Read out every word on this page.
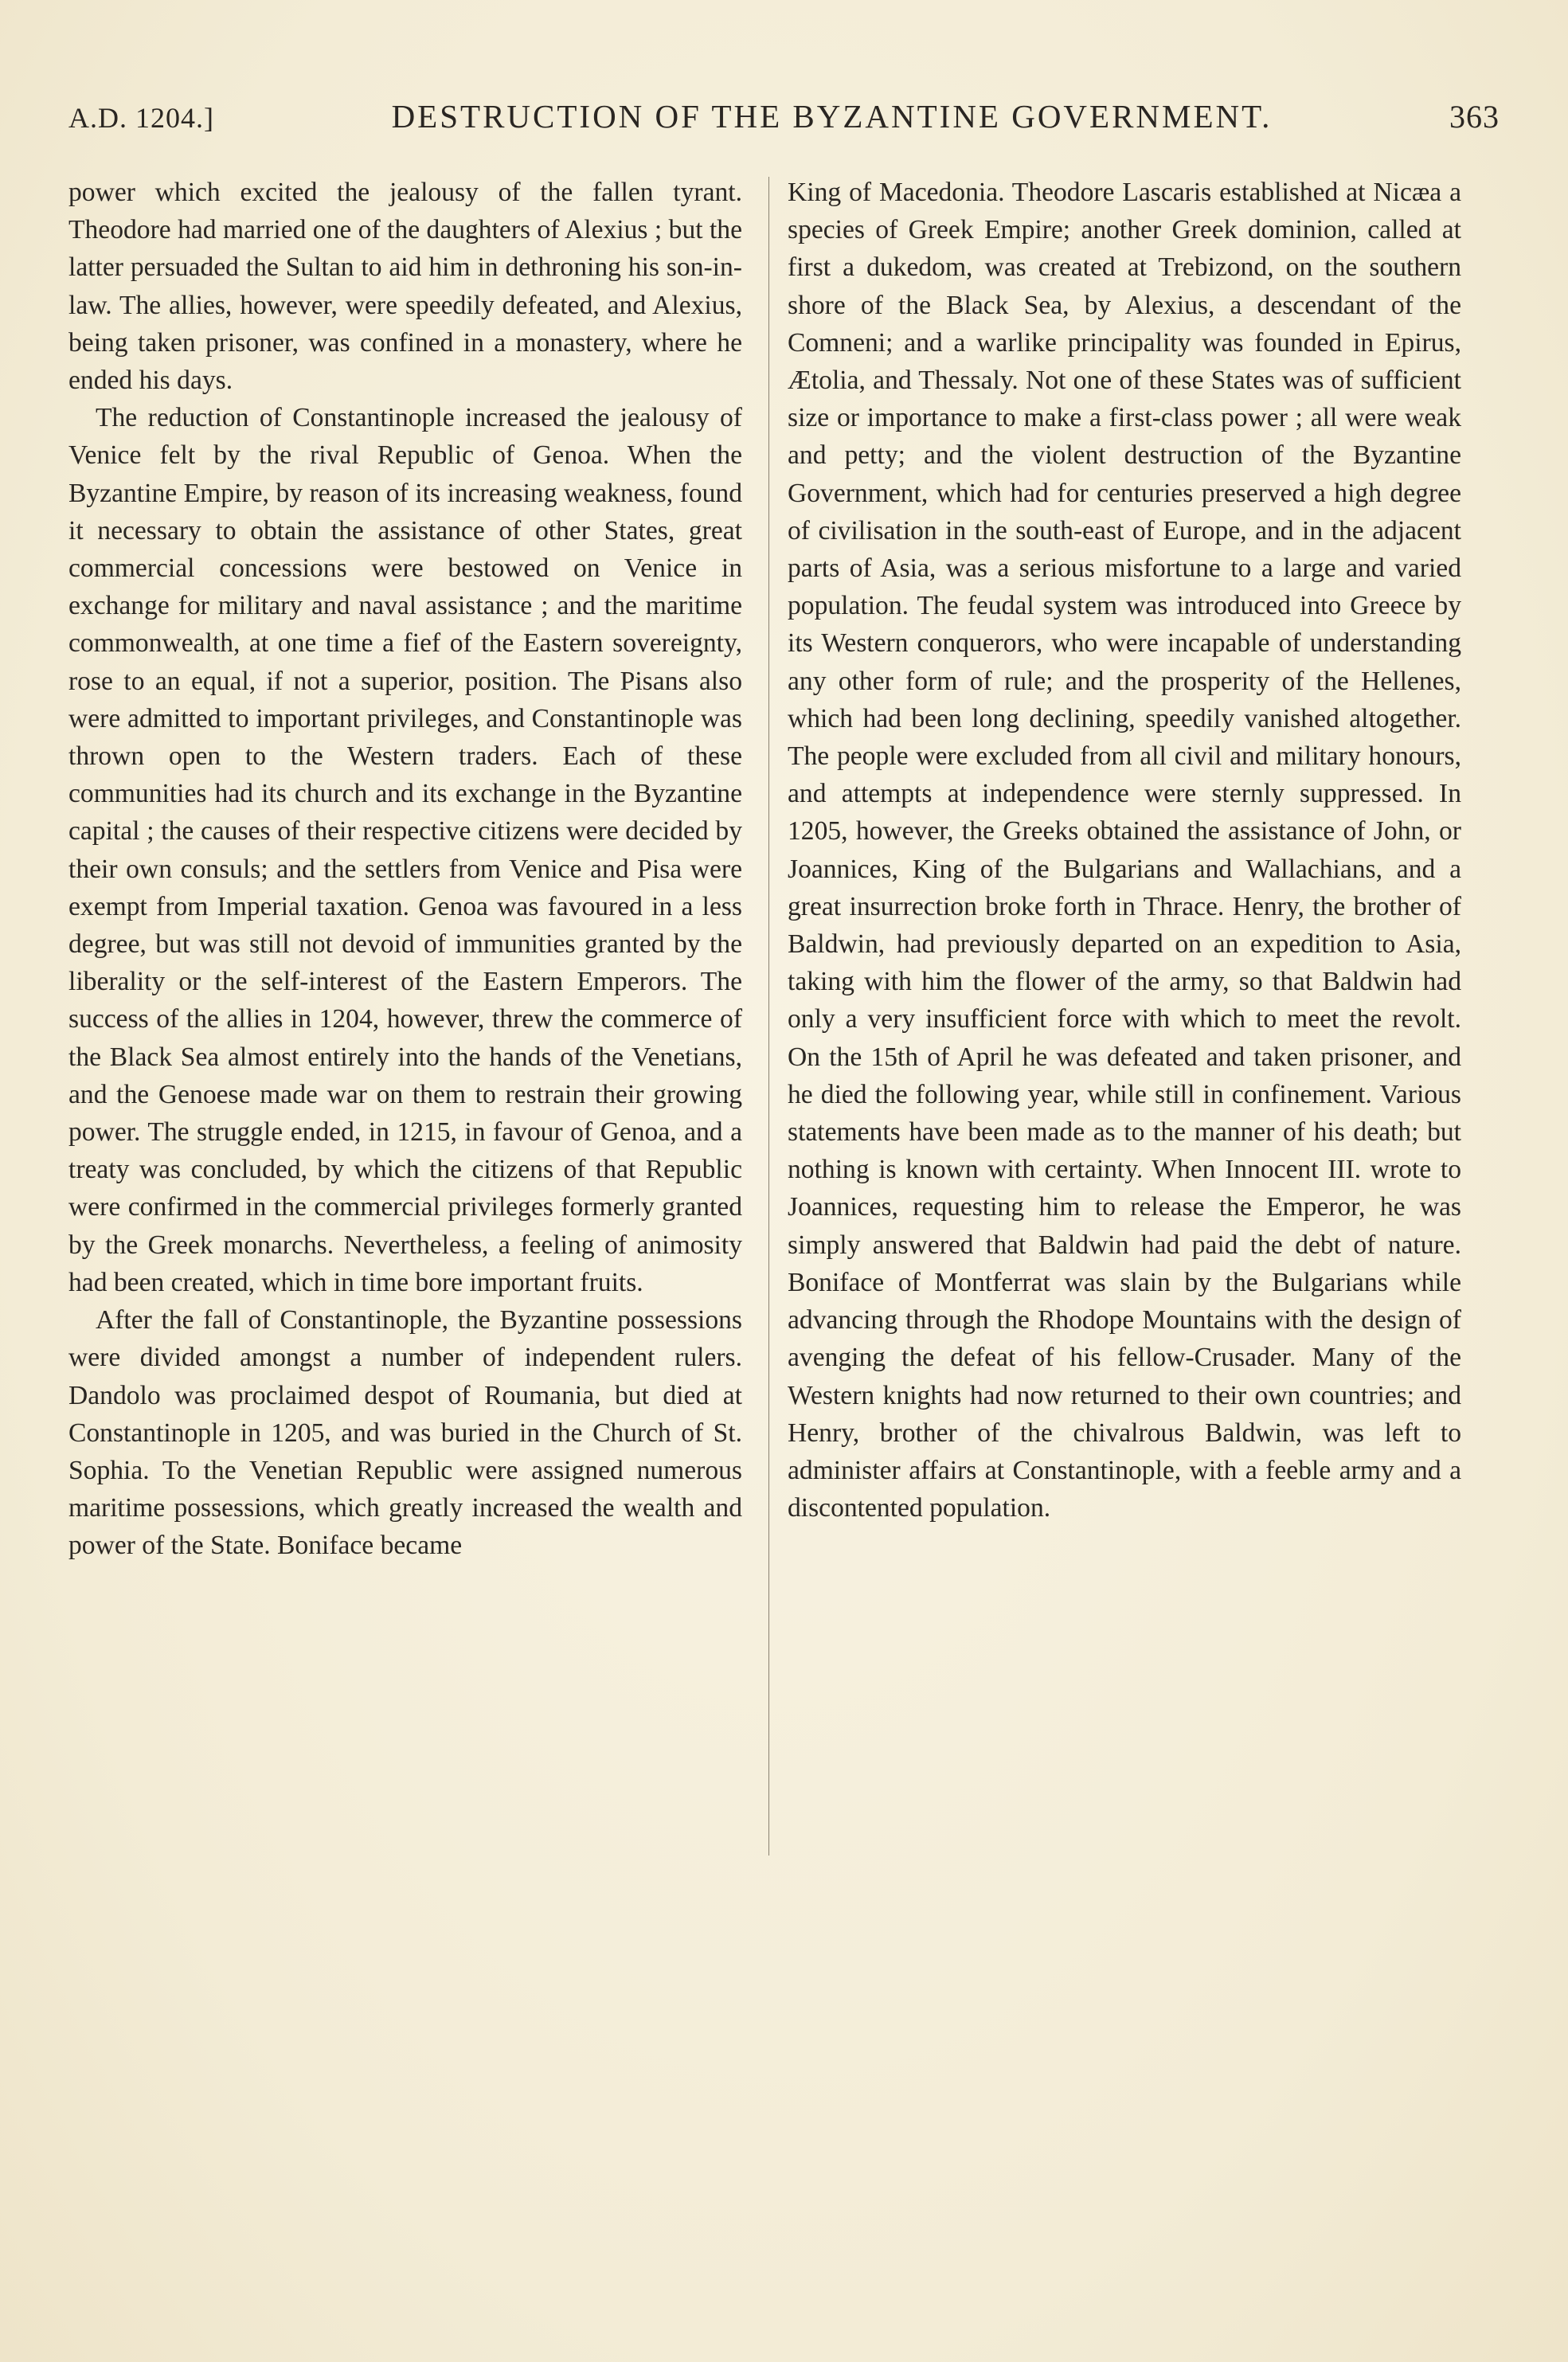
A.D. 1204.]	DESTRUCTION OF THE BYZANTINE GOVERNMENT.	363

power which excited the jealousy of the fallen tyrant. Theodore had married one of the daughters of Alexius ; but the latter persuaded the Sultan to aid him in dethroning his son-in-law. The allies, however, were speedily defeated, and Alexius, being taken prisoner, was confined in a monastery, where he ended his days.

The reduction of Constantinople increased the jealousy of Venice felt by the rival Republic of Genoa. When the Byzantine Empire, by reason of its increasing weakness, found it necessary to obtain the assistance of other States, great commercial concessions were bestowed on Venice in exchange for military and naval assistance ; and the maritime commonwealth, at one time a fief of the Eastern sovereignty, rose to an equal, if not a superior, position. The Pisans also were admitted to important privileges, and Constantinople was thrown open to the Western traders. Each of these communities had its church and its exchange in the Byzantine capital ; the causes of their respective citizens were decided by their own consuls; and the settlers from Venice and Pisa were exempt from Imperial taxation. Genoa was favoured in a less degree, but was still not devoid of immunities granted by the liberality or the self-interest of the Eastern Emperors. The success of the allies in 1204, however, threw the commerce of the Black Sea almost entirely into the hands of the Venetians, and the Genoese made war on them to restrain their growing power. The struggle ended, in 1215, in favour of Genoa, and a treaty was concluded, by which the citizens of that Republic were confirmed in the commercial privileges formerly granted by the Greek monarchs. Nevertheless, a feeling of animosity had been created, which in time bore important fruits.

After the fall of Constantinople, the Byzantine possessions were divided amongst a number of independent rulers. Dandolo was proclaimed despot of Roumania, but died at Constantinople in 1205, and was buried in the Church of St. Sophia. To the Venetian Republic were assigned numerous maritime possessions, which greatly increased the wealth and power of the State. Boniface became

King of Macedonia. Theodore Lascaris established at Nicæa a species of Greek Empire; another Greek dominion, called at first a dukedom, was created at Trebizond, on the southern shore of the Black Sea, by Alexius, a descendant of the Comneni; and a warlike principality was founded in Epirus, Ætolia, and Thessaly. Not one of these States was of sufficient size or importance to make a first-class power ; all were weak and petty; and the violent destruction of the Byzantine Government, which had for centuries preserved a high degree of civilisation in the south-east of Europe, and in the adjacent parts of Asia, was a serious misfortune to a large and varied population. The feudal system was introduced into Greece by its Western conquerors, who were incapable of understanding any other form of rule; and the prosperity of the Hellenes, which had been long declining, speedily vanished altogether. The people were excluded from all civil and military honours, and attempts at independence were sternly suppressed. In 1205, however, the Greeks obtained the assistance of John, or Joannices, King of the Bulgarians and Wallachians, and a great insurrection broke forth in Thrace. Henry, the brother of Baldwin, had previously departed on an expedition to Asia, taking with him the flower of the army, so that Baldwin had only a very insufficient force with which to meet the revolt. On the 15th of April he was defeated and taken prisoner, and he died the following year, while still in confinement. Various statements have been made as to the manner of his death; but nothing is known with certainty. When Innocent III. wrote to Joannices, requesting him to release the Emperor, he was simply answered that Baldwin had paid the debt of nature. Boniface of Montferrat was slain by the Bulgarians while advancing through the Rhodope Mountains with the design of avenging the defeat of his fellow-Crusader. Many of the Western knights had now returned to their own countries; and Henry, brother of the chivalrous Baldwin, was left to administer affairs at Constantinople, with a feeble army and a discontented population.
